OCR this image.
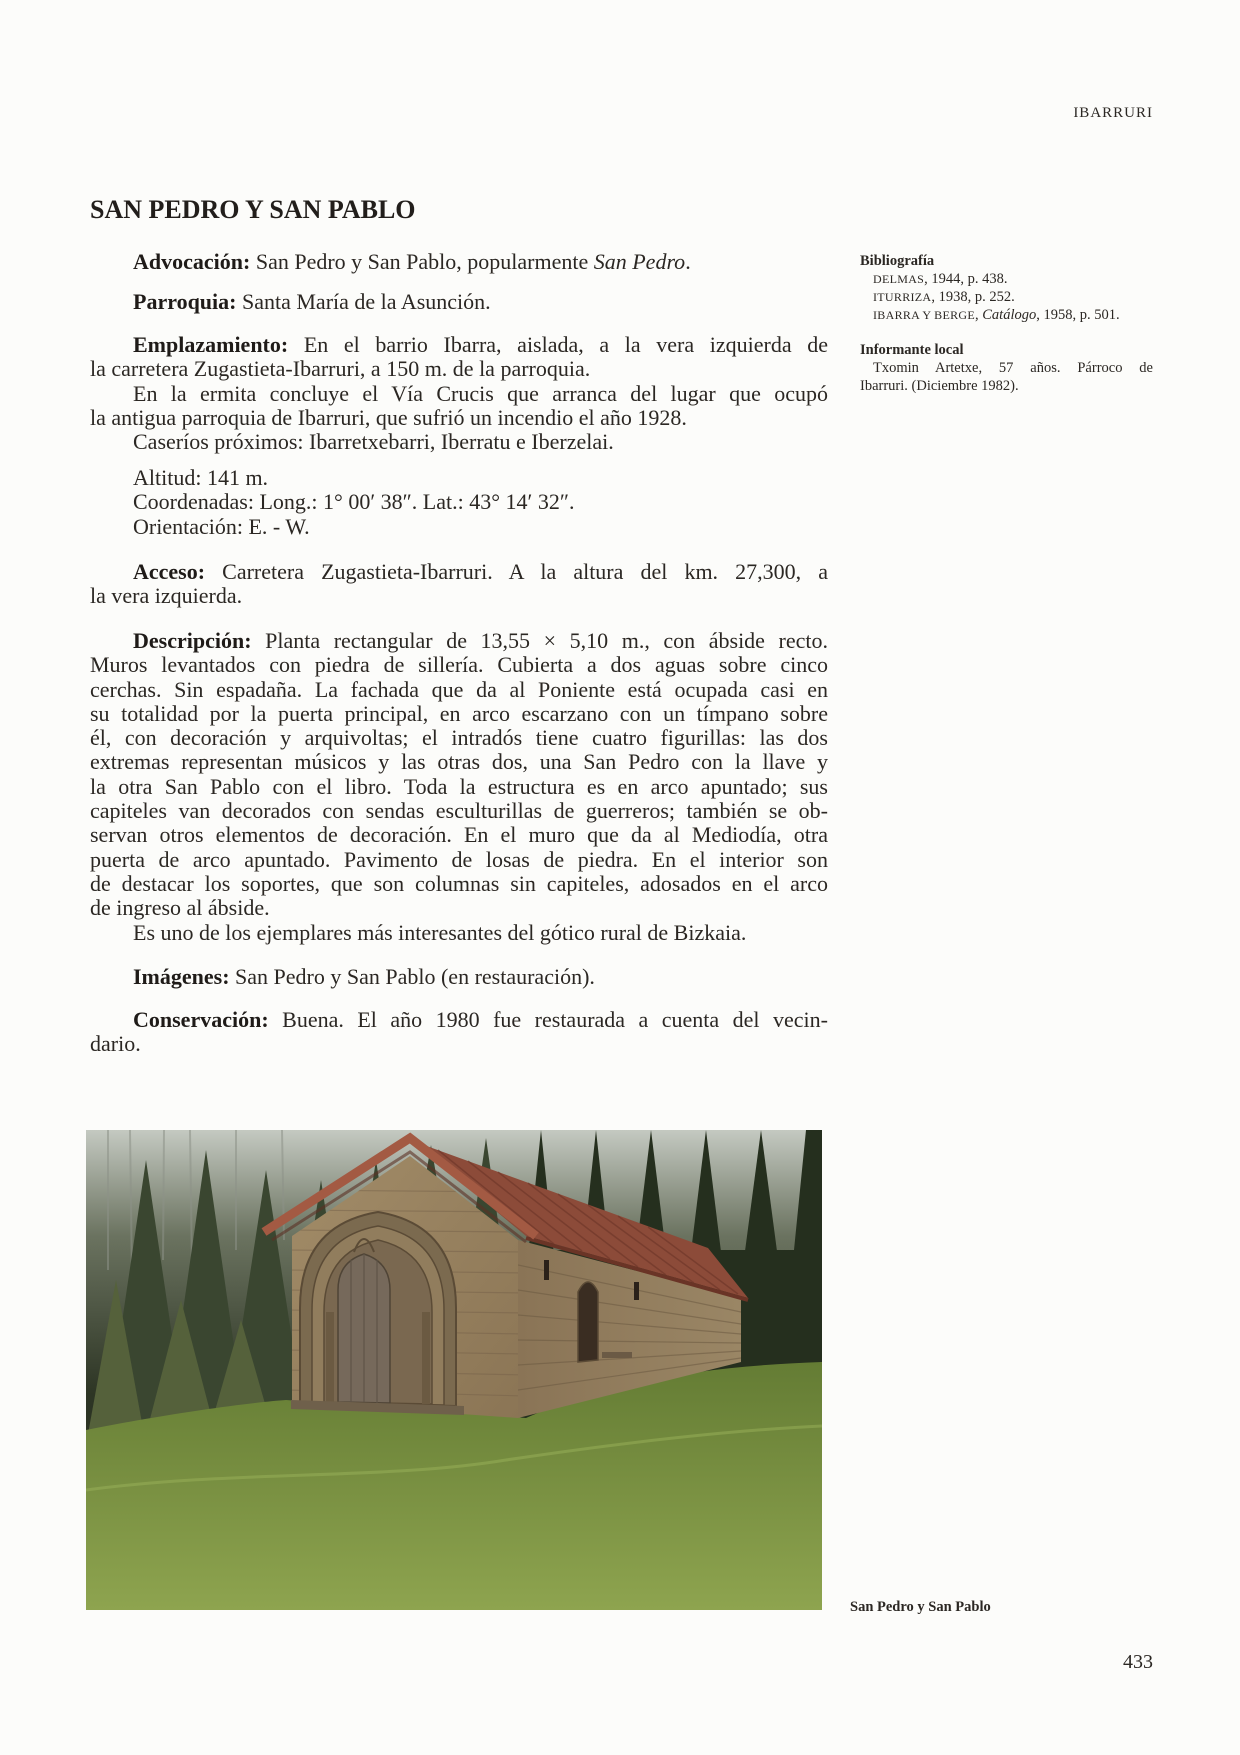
IBARRURI
SAN PEDRO Y SAN PABLO
Advocación: San Pedro y San Pablo, popularmente San Pedro.
Parroquia: Santa María de la Asunción.
Emplazamiento: En el barrio Ibarra, aislada, a la vera izquierda de
la carretera Zugastieta-Ibarruri, a 150 m. de la parroquia.
En la ermita concluye el Vía Crucis que arranca del lugar que ocupó
la antigua parroquia de Ibarruri, que sufrió un incendio el año 1928.
Caseríos próximos: Ibarretxebarri, Iberratu e Iberzelai.
Altitud: 141 m.
Coordenadas: Long.: 1° 00′ 38″. Lat.: 43° 14′ 32″.
Orientación: E. - W.
Acceso: Carretera Zugastieta-Ibarruri. A la altura del km. 27,300, a
la vera izquierda.
Descripción: Planta rectangular de 13,55 × 5,10 m., con ábside recto.
Muros levantados con piedra de sillería. Cubierta a dos aguas sobre cinco
cerchas. Sin espadaña. La fachada que da al Poniente está ocupada casi en
su totalidad por la puerta principal, en arco escarzano con un tímpano sobre
él, con decoración y arquivoltas; el intradós tiene cuatro figurillas: las dos
extremas representan músicos y las otras dos, una San Pedro con la llave y
la otra San Pablo con el libro. Toda la estructura es en arco apuntado; sus
capiteles van decorados con sendas esculturillas de guerreros; también se ob-
servan otros elementos de decoración. En el muro que da al Mediodía, otra
puerta de arco apuntado. Pavimento de losas de piedra. En el interior son
de destacar los soportes, que son columnas sin capiteles, adosados en el arco
de ingreso al ábside.
Es uno de los ejemplares más interesantes del gótico rural de Bizkaia.
Imágenes: San Pedro y San Pablo (en restauración).
Conservación: Buena. El año 1980 fue restaurada a cuenta del vecin-
dario.
Bibliografía
DELMAS, 1944, p. 438.
ITURRIZA, 1938, p. 252.
IBARRA Y BERGE, Catálogo, 1958, p. 501.
Informante local
Txomin Artetxe, 57 años. Párroco de
Ibarruri. (Diciembre 1982).
San Pedro y San Pablo
433
